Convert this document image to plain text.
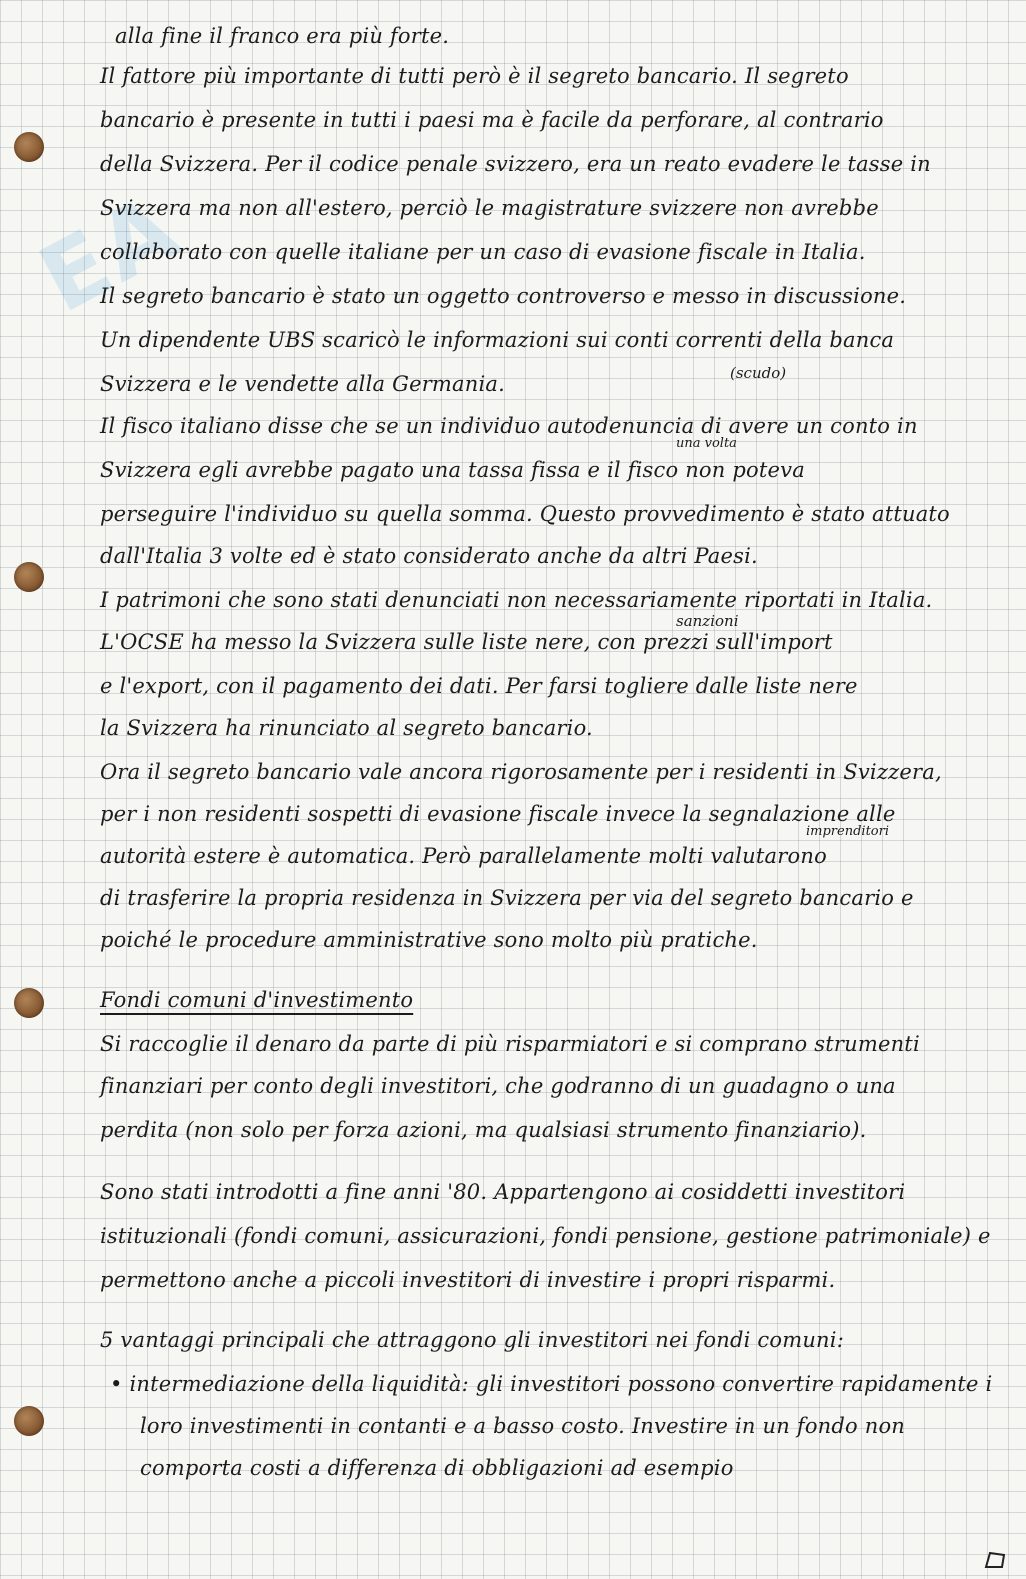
EA
alla fine il franco era più forte.
Il fattore più importante di tutti però è il segreto bancario. Il segreto
bancario è presente in tutti i paesi ma è facile da perforare, al contrario
della Svizzera. Per il codice penale svizzero, era un reato evadere le tasse in
Svizzera ma non all'estero, perciò le magistrature svizzere non avrebbe
collaborato con quelle italiane per un caso di evasione fiscale in Italia.
Il segreto bancario è stato un oggetto controverso e messo in discussione.
Un dipendente UBS scaricò le informazioni sui conti correnti della banca
Svizzera e le vendette alla Germania.	(scudo)
Il fisco italiano disse che se un individuo autodenuncia di avere un conto in
una volta
Svizzera egli avrebbe pagato una tassa fissa e il fisco non poteva
perseguire l'individuo su quella somma. Questo provvedimento è stato attuato
dall'Italia 3 volte ed è stato considerato anche da altri Paesi.
I patrimoni che sono stati denunciati non necessariamente riportati in Italia.
sanzioni
L'OCSE ha messo la Svizzera sulle liste nere, con prezzi sull'import
e l'export, con il pagamento dei dati. Per farsi togliere dalle liste nere
la Svizzera ha rinunciato al segreto bancario.
Ora il segreto bancario vale ancora rigorosamente per i residenti in Svizzera,
per i non residenti sospetti di evasione fiscale invece la segnalazione alle
imprenditori
autorità estere è automatica. Però parallelamente molti valutarono
di trasferire la propria residenza in Svizzera per via del segreto bancario e
poiché le procedure amministrative sono molto più pratiche.
Fondi comuni d'investimento
Si raccoglie il denaro da parte di più risparmiatori e si comprano strumenti
finanziari per conto degli investitori, che godranno di un guadagno o una
perdita (non solo per forza azioni, ma qualsiasi strumento finanziario).
Sono stati introdotti a fine anni '80. Appartengono ai cosiddetti investitori
istituzionali (fondi comuni, assicurazioni, fondi pensione, gestione patrimoniale) e
permettono anche a piccoli investitori di investire i propri risparmi.
5 vantaggi principali che attraggono gli investitori nei fondi comuni:
• intermediazione della liquidità: gli investitori possono convertire rapidamente i
loro investimenti in contanti e a basso costo. Investire in un fondo non
comporta costi a differenza di obbligazioni ad esempio
